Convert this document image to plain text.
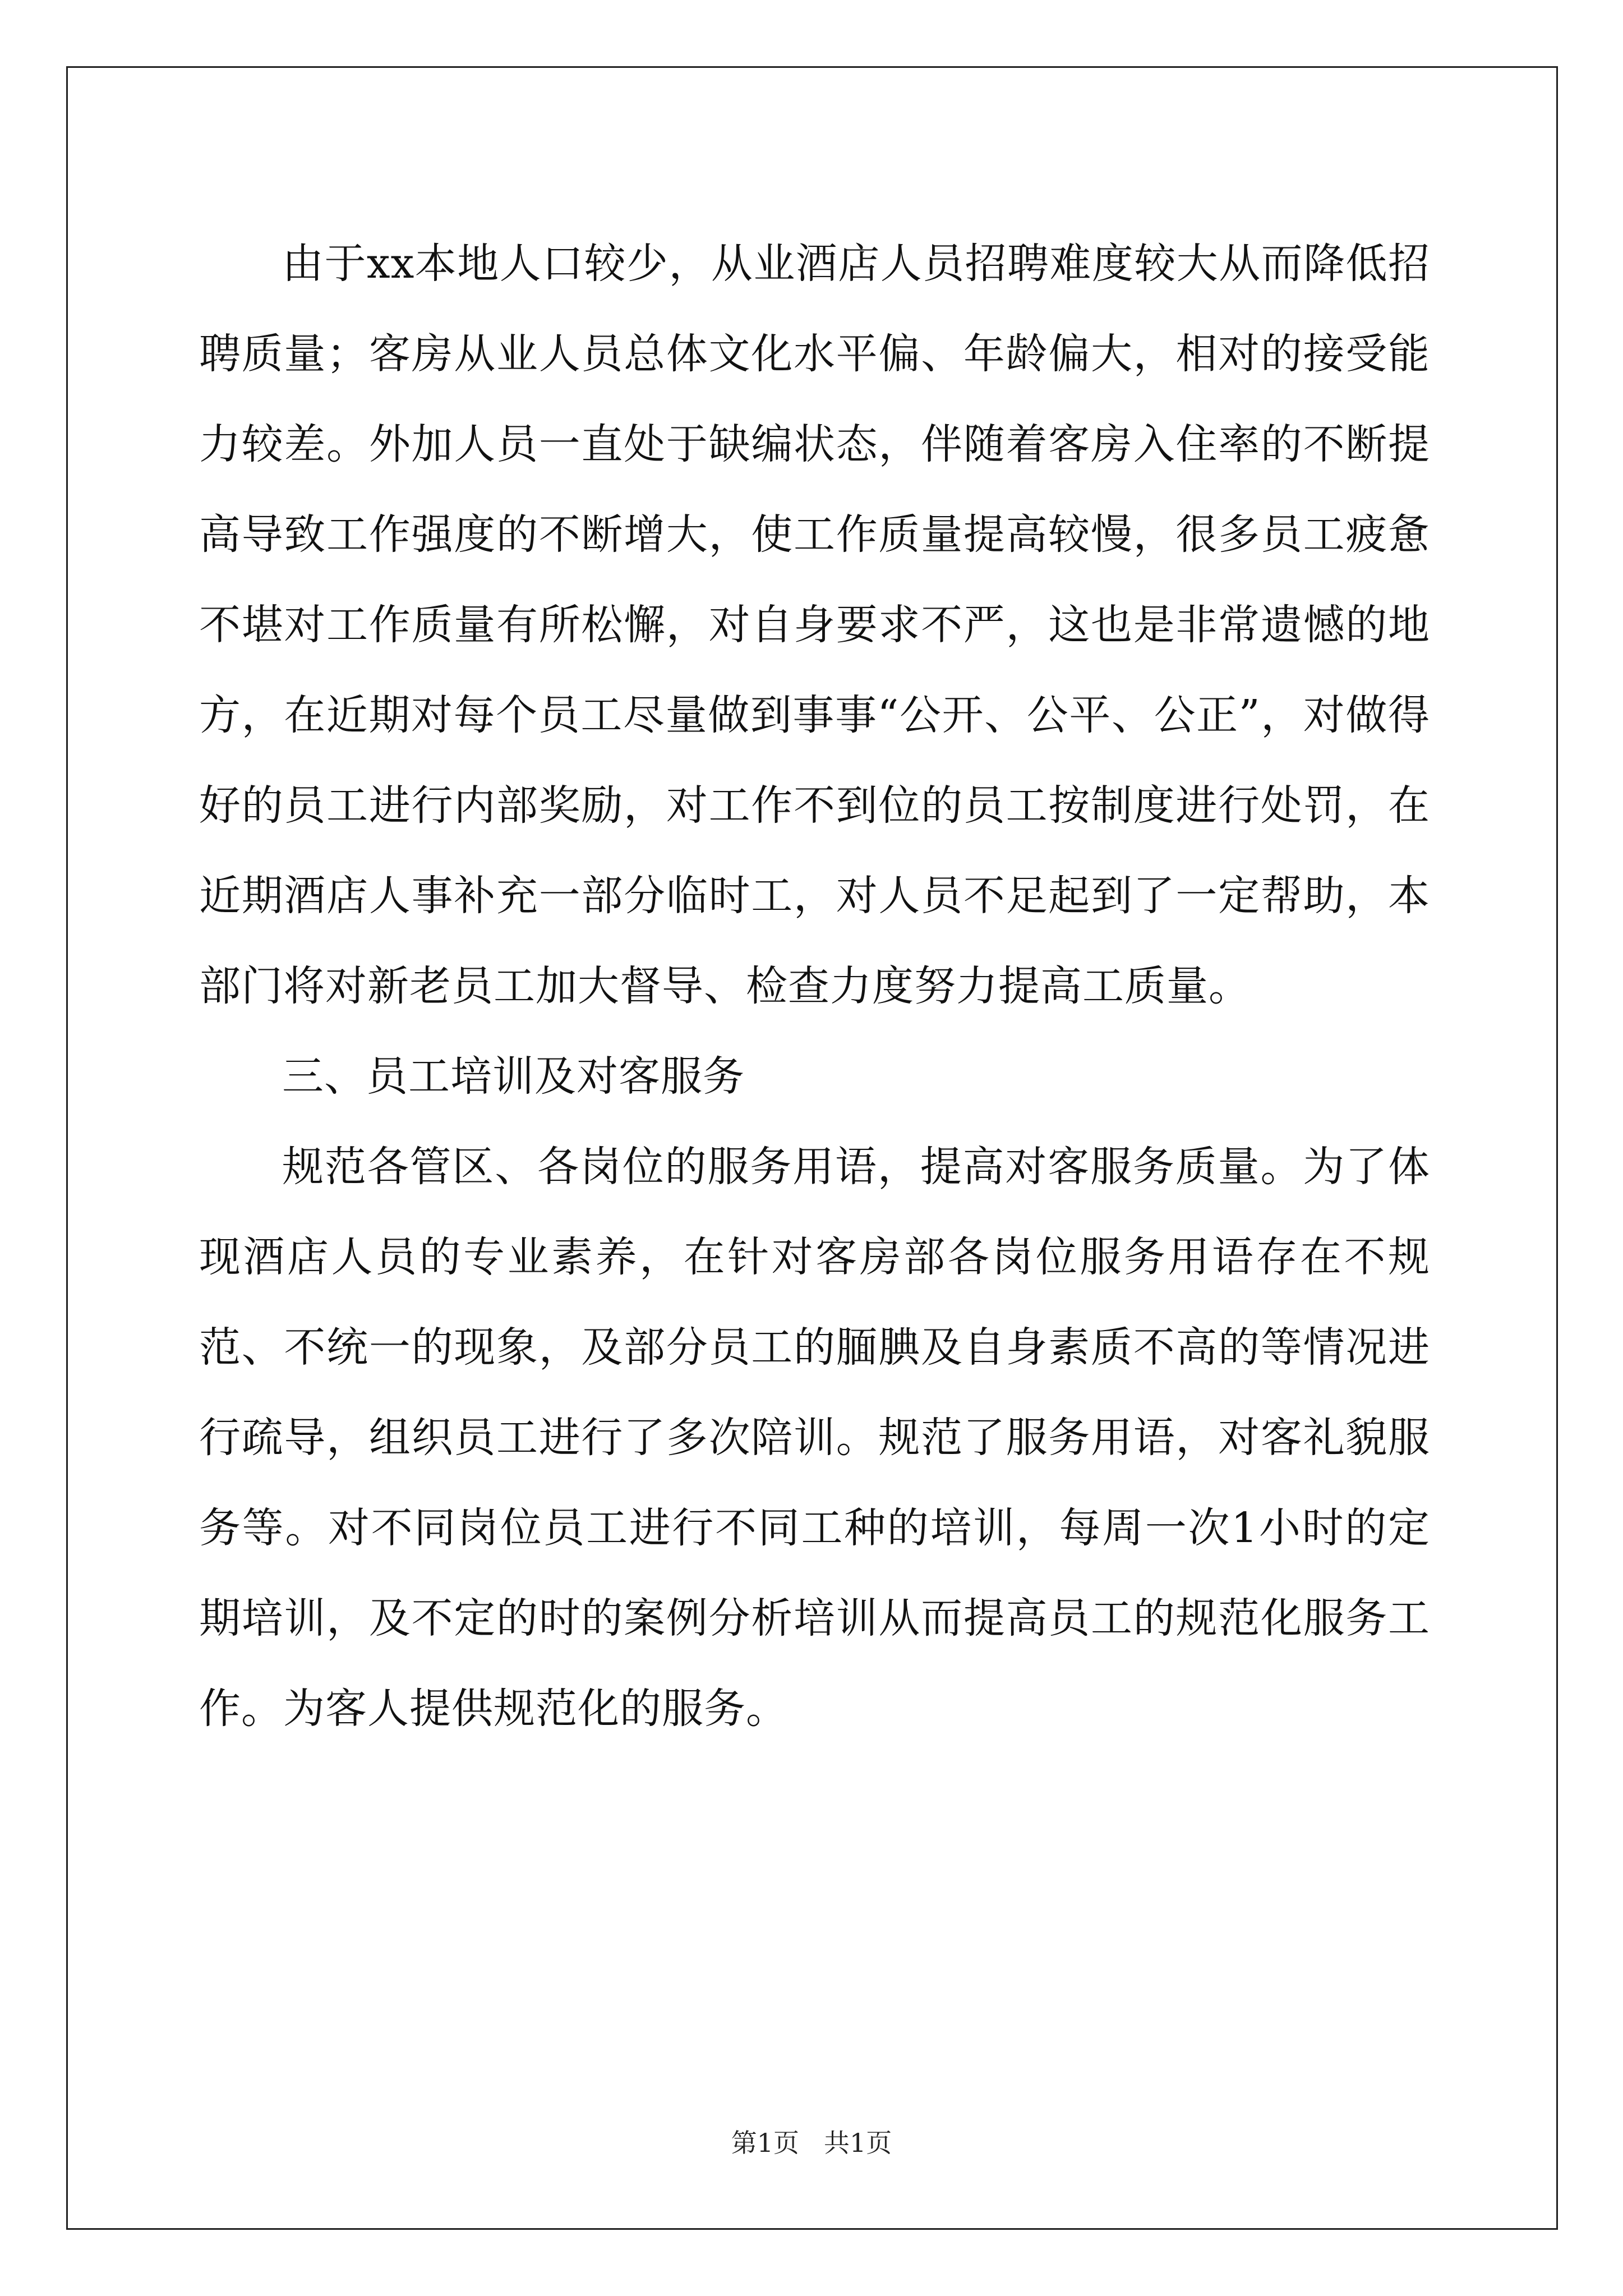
由于xx本地人口较少，从业酒店人员招聘难度较大从而降低招聘质量；客房从业人员总体文化水平偏、年龄偏大，相对的接受能力较差。外加人员一直处于缺编状态，伴随着客房入住率的不断提高导致工作强度的不断增大，使工作质量提高较慢，很多员工疲惫不堪对工作质量有所松懈，对自身要求不严，这也是非常遗憾的地方，在近期对每个员工尽量做到事事“公开、公平、公正”，对做得好的员工进行内部奖励，对工作不到位的员工按制度进行处罚，在近期酒店人事补充一部分临时工，对人员不足起到了一定帮助，本部门将对新老员工加大督导、检查力度努力提高工质量。

三、员工培训及对客服务

规范各管区、各岗位的服务用语，提高对客服务质量。为了体现酒店人员的专业素养，在针对客房部各岗位服务用语存在不规范、不统一的现象，及部分员工的腼腆及自身素质不高的等情况进行疏导，组织员工进行了多次陪训。规范了服务用语，对客礼貌服务等。对不同岗位员工进行不同工种的培训，每周一次1小时的定期培训，及不定的时的案例分析培训从而提高员工的规范化服务工作。为客人提供规范化的服务。

第1页 共1页
